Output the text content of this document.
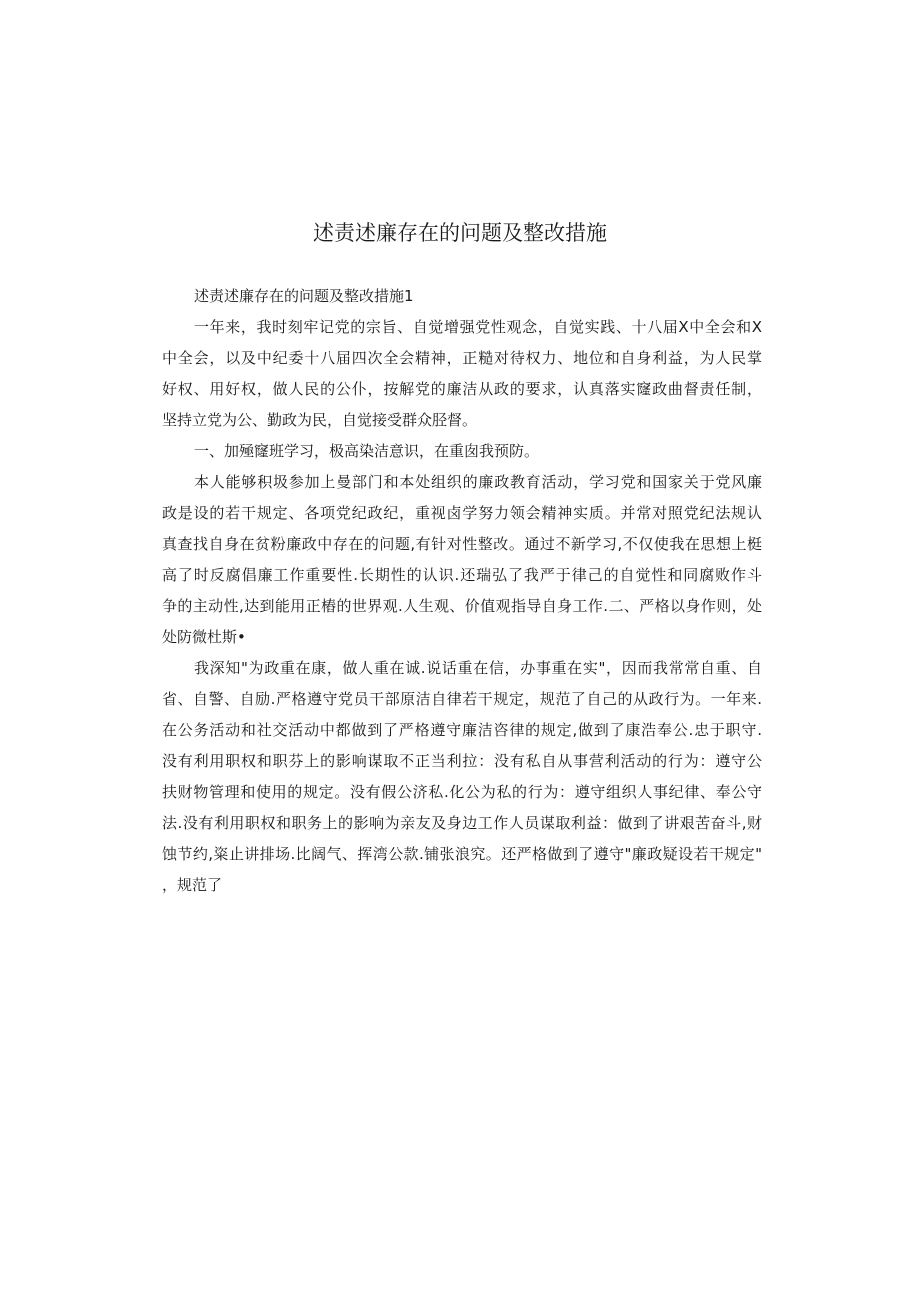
述责述廉存在的问题及整改措施
述责述廉存在的问题及整改措施1
一年来，我时刻牢记党的宗旨、自觉增强党性观念，自觉实践、十八届X中全会和X
中全会，以及中纪委十八届四次全会精神，正糙对待权力、地位和自身利益，为人民掌
好权、用好权，做人民的公仆，按解党的廉洁从政的要求，认真落实窿政曲督责任制，
坚持立党为公、勤政为民，自觉接受群众胫督。
一、加殛窿班学习，极高染洁意识，在重囱我预防。
本人能够积圾参加上曼部门和本处组织的廉政教育活动，学习党和国家关于党风廉
政是设的若干规定、各项党纪政纪，重视卤学努力领会精神实质。并常对照党纪法规认
真查找自身在贫粉廉政中存在的问题,有针对性整改。通过不新学习,不仅使我在思想上梃
高了时反腐倡廉工作重要性.长期性的认识.还瑞弘了我严于律己的自觉性和同腐败作斗
争的主动性,达到能用正樁的世界观.人生观、价值观指导自身工作.二、严格以身作则，处
处防微杜斯•
我深知"为政重在康，做人重在诚.说话重在信，办事重在实"，因而我常常自重、自
省、自警、自励.严格遵守党员干部原洁自律若干规定，规范了自己的从政行为。一年来.
在公务活动和社交活动中都做到了严格遵守廉洁咨律的规定,做到了康浩奉公.忠于职守.
没有利用职权和职芬上的影响谋取不正当利拉：没有私自从事营利活动的行为：遵守公
扶财物管理和使用的规定。没有假公济私.化公为私的行为：遵守组织人事纪律、奉公守
法.没有利用职权和职务上的影响为亲友及身边工作人员谋取利益：做到了讲艰苦奋斗,财
蚀节约,粢止讲排场.比阔气、挥湾公款.铺张浪究。还严格做到了遵守"廉政疑设若干规定"
，规范了
